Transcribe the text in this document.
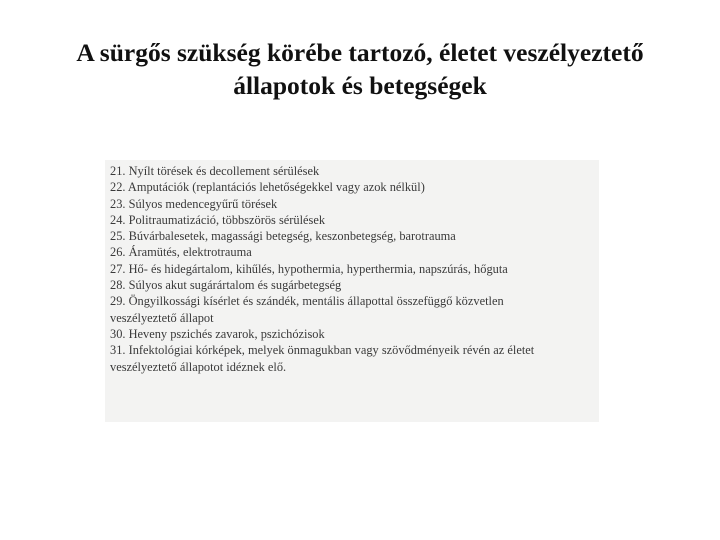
A sürgős szükség körébe tartozó, életet veszélyeztető
állapotok és betegségek
21. Nyílt törések és decollement sérülések
22. Amputációk (replantációs lehetőségekkel vagy azok nélkül)
23. Súlyos medencegyűrű törések
24. Politraumatizáció, többszörös sérülések
25. Búvárbalesetek, magassági betegség, keszonbetegség, barotrauma
26. Áramütés, elektrotrauma
27. Hő- és hidegártalom, kihűlés, hypothermia, hyperthermia, napszúrás, hőguta
28. Súlyos akut sugárártalom és sugárbetegség
29. Öngyilkossági kísérlet és szándék, mentális állapottal összefüggő közvetlen
veszélyeztető állapot
30. Heveny pszichés zavarok, pszichózisok
31. Infektológiai kórképek, melyek önmagukban vagy szövődményeik révén az életet
veszélyeztető állapotot idéznek elő.
